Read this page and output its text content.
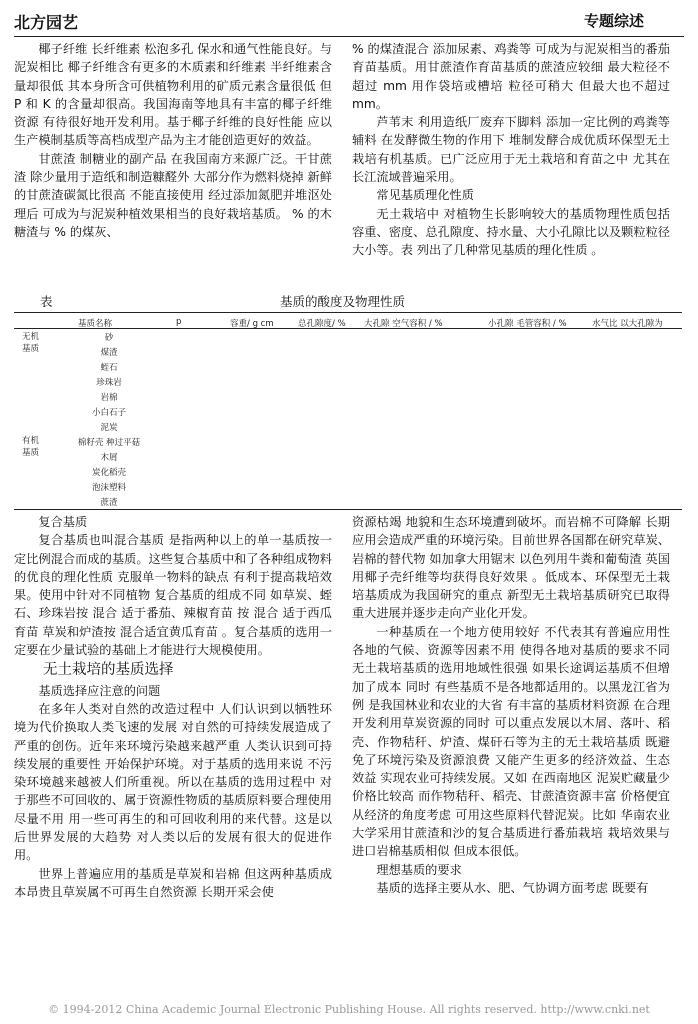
北方园艺	专题综述

椰子纤维 长纤维素 松泡多孔 保水和通气性能良好。与泥炭相比 椰子纤维含有更多的木质素和纤维素 半纤维素含量却很低 其本身所含可供植物利用的矿质元素含量很低 但 P 和 K 的含量却很高。我国海南等地具有丰富的椰子纤维资源 有待很好地开发利用。基于椰子纤维的良好性能 应以生产模制基质等高档成型产品为主才能创造更好的效益。

甘蔗渣 制糖业的副产品 在我国南方来源广泛。干甘蔗渣 除少量用于造纸和制造糠醛外 大部分作为燃料烧掉 新鲜的甘蔗渣碳氮比很高 不能直接使用 经过添加氮肥并堆沤处理后 可成为与泥炭种植效果相当的良好栽培基质。 % 的木糖渣与 % 的煤灰、

% 的煤渣混合 添加尿素、鸡粪等 可成为与泥炭相当的番茄育苗基质。用甘蔗渣作育苗基质的蔗渣应较细 最大粒径不超过 mm 用作袋培或槽培 粒径可稍大 但最大也不超过 mm。

芦苇末 利用造纸厂废弃下脚料 添加一定比例的鸡粪等辅料 在发酵微生物的作用下 堆制发酵合成优质环保型无土栽培有机基质。已广泛应用于无土栽培和育苗之中 尤其在长江流域普遍采用。

常见基质理化性质

无土栽培中 对植物生长影响较大的基质物理性质包括 容重、密度、总孔隙度、持水量、大小孔隙比以及颗粒粒径大小等。表 列出了几种常见基质的理化性质 。

表	基质的酸度及物理性质
基质名称	p	容重/ g cm	总孔隙度/ % 大孔隙 空气容积 / %	小孔隙 毛管容积 / %	水气比 以大孔隙为
无机
基质
砂
煤渣
蛭石
珍珠岩
岩棉
小白石子
泥炭
有机
基质
棉籽壳 种过平菇
木屑
炭化稻壳
泡沫塑料
蔗渣

复合基质

复合基质也叫混合基质 是指两种以上的单一基质按一定比例混合而成的基质。这些复合基质中和了各种组成物料的优良的理化性质 克服单一物料的缺点 有利于提高栽培效果。使用中针对不同植物 复合基质的组成不同 如草炭、蛭石、珍珠岩按 混合 适于番茄、辣椒育苗 按 混合 适于西瓜育苗 草炭和炉渣按 混合适宜黄瓜育苗 。复合基质的选用一定要在少量试验的基础上才能进行大规模使用。

无土栽培的基质选择

基质选择应注意的问题

在多年人类对自然的改造过程中 人们认识到以牺牲环境为代价换取人类飞速的发展 对自然的可持续发展造成了严重的创伤。近年来环境污染越来越严重 人类认识到可持续发展的重要性 开始保护环境。对于基质的选用来说 不污染环境越来越被人们所重视。所以在基质的选用过程中 对于那些不可回收的、属于资源性物质的基质原料要合理使用 尽量不用 用一些可再生的和可回收利用的来代替。这是以后世界发展的大趋势 对人类以后的发展有很大的促进作用。

世界上普遍应用的基质是草炭和岩棉 但这两种基质成本昂贵且草炭属不可再生自然资源 长期开采会使

资源枯竭 地貌和生态环境遭到破坏。而岩棉不可降解 长期应用会造成严重的环境污染。目前世界各国都在研究草炭、岩棉的替代物 如加拿大用锯末 以色列用牛粪和葡萄渣 英国用椰子壳纤维等均获得良好效果 。低成本、环保型无土栽培基质成为我国研究的重点 新型无土栽培基质研究已取得重大进展并逐步走向产业化开发。

一种基质在一个地方使用较好 不代表其有普遍应用性 各地的气候、资源等因素不用 使得各地对基质的要求不同 无土栽培基质的选用地域性很强 如果长途调运基质不但增加了成本 同时 有些基质不是各地都适用的。以黑龙江省为例 是我国林业和农业的大省 有丰富的基质材料资源 在合理开发利用草炭资源的同时 可以重点发展以木屑、落叶、稻壳、作物秸秆、炉渣、煤矸石等为主的无土栽培基质 既避免了环境污染及资源浪费 又能产生更多的经济效益、生态效益 实现农业可持续发展。又如 在西南地区 泥炭贮藏量少 价格比较高 而作物秸秆、稻壳、甘蔗渣资源丰富 价格便宜 从经济的角度考虑 可用这些原料代替泥炭。比如 华南农业大学采用甘蔗渣和沙的复合基质进行番茄栽培 栽培效果与进口岩棉基质相似 但成本很低。

理想基质的要求

基质的选择主要从水、肥、气协调方面考虑 既要有

© 1994-2012 China Academic Journal Electronic Publishing House. All rights reserved. http://www.cnki.net
